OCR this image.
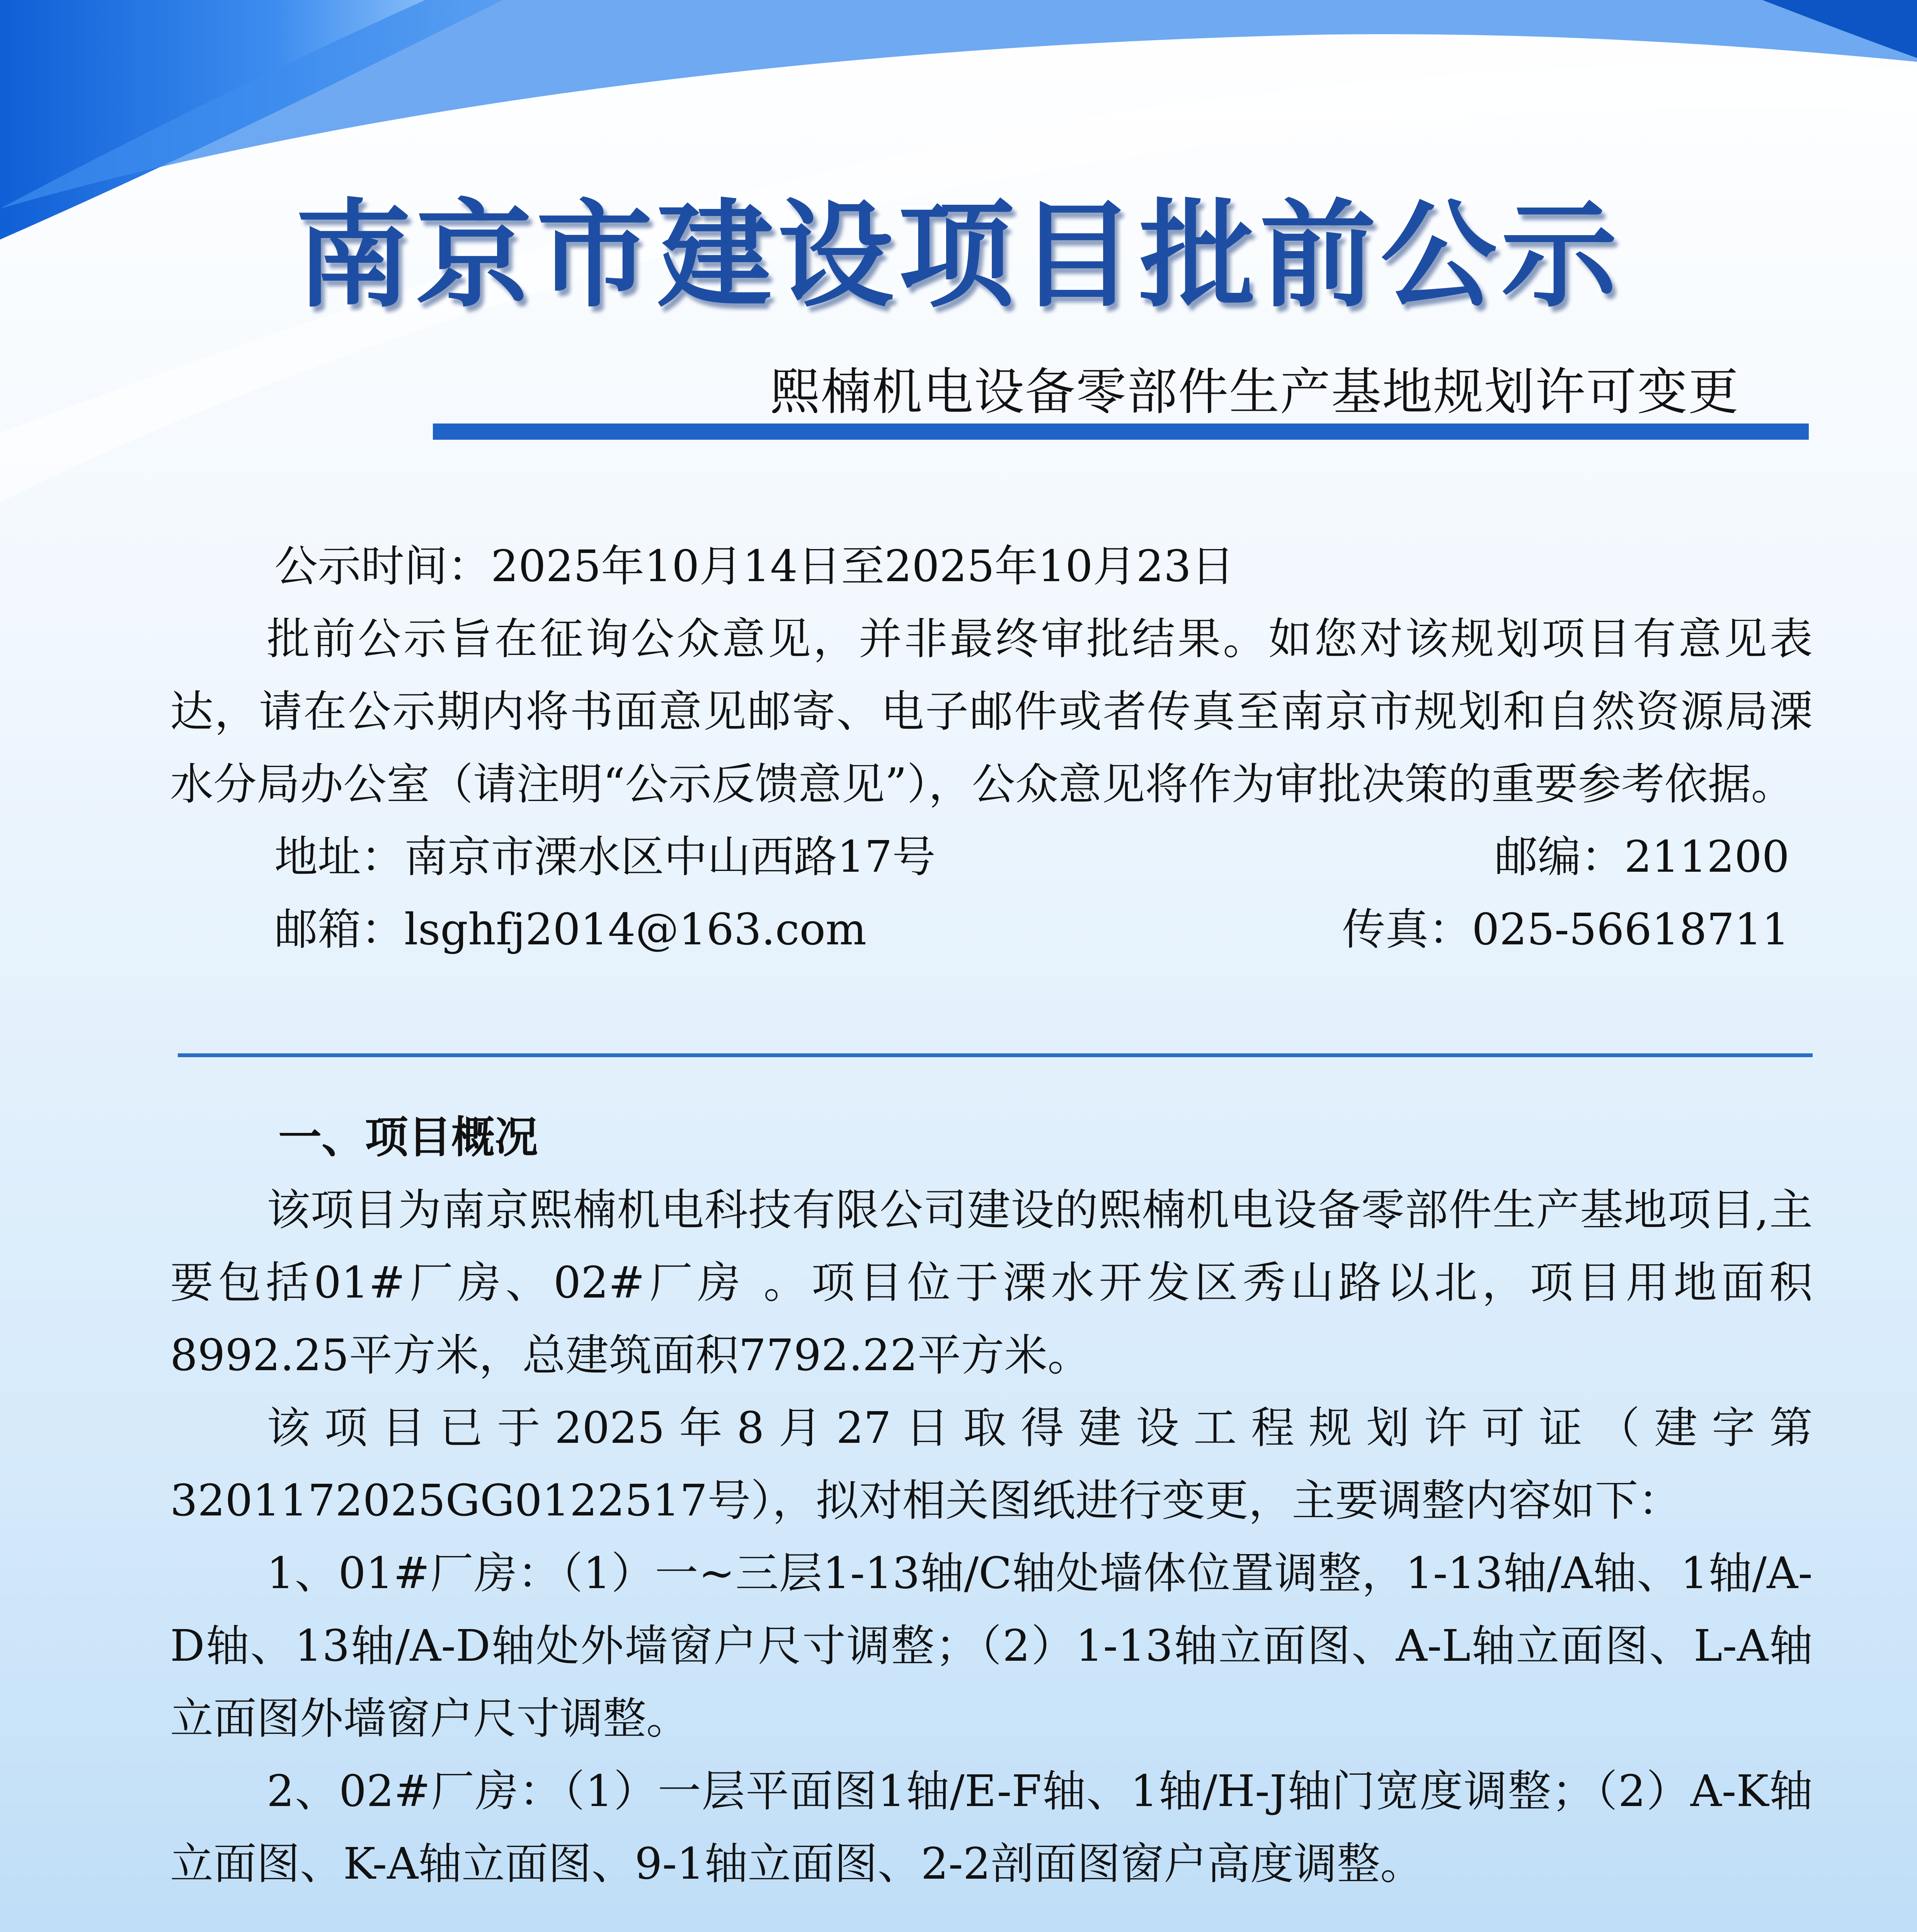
南京市建设项目批前公示
熙楠机电设备零部件生产基地规划许可变更

公示时间：2025年10月14日至2025年10月23日

批前公示旨在征询公众意见，并非最终审批结果。如您对该规划项目有意见表达，请在公示期内将书面意见邮寄、电子邮件或者传真至南京市规划和自然资源局溧水分局办公室（请注明“公示反馈意见”），公众意见将作为审批决策的重要参考依据。

地址：南京市溧水区中山西路17号	邮编：211200

邮箱：lsghfj2014@163.com	传真：025-56618711

一、项目概况

该项目为南京熙楠机电科技有限公司建设的熙楠机电设备零部件生产基地项目,主要包括01#厂房、02#厂房 。项目位于溧水开发区秀山路以北，项目用地面积8992.25平方米，总建筑面积7792.22平方米。

该项目已于2025年8月27日取得建设工程规划许可证（建字第3201172025GG0122517号），拟对相关图纸进行变更，主要调整内容如下：

1、01#厂房：（1）一~三层1-13轴/C轴处墙体位置调整，1-13轴/A轴、1轴/A-D轴、13轴/A-D轴处外墙窗户尺寸调整；（2）1-13轴立面图、A-L轴立面图、L-A轴立面图外墙窗户尺寸调整。

2、02#厂房：（1）一层平面图1轴/E-F轴、1轴/H-J轴门宽度调整；（2）A-K轴立面图、K-A轴立面图、9-1轴立面图、2-2剖面图窗户高度调整。
